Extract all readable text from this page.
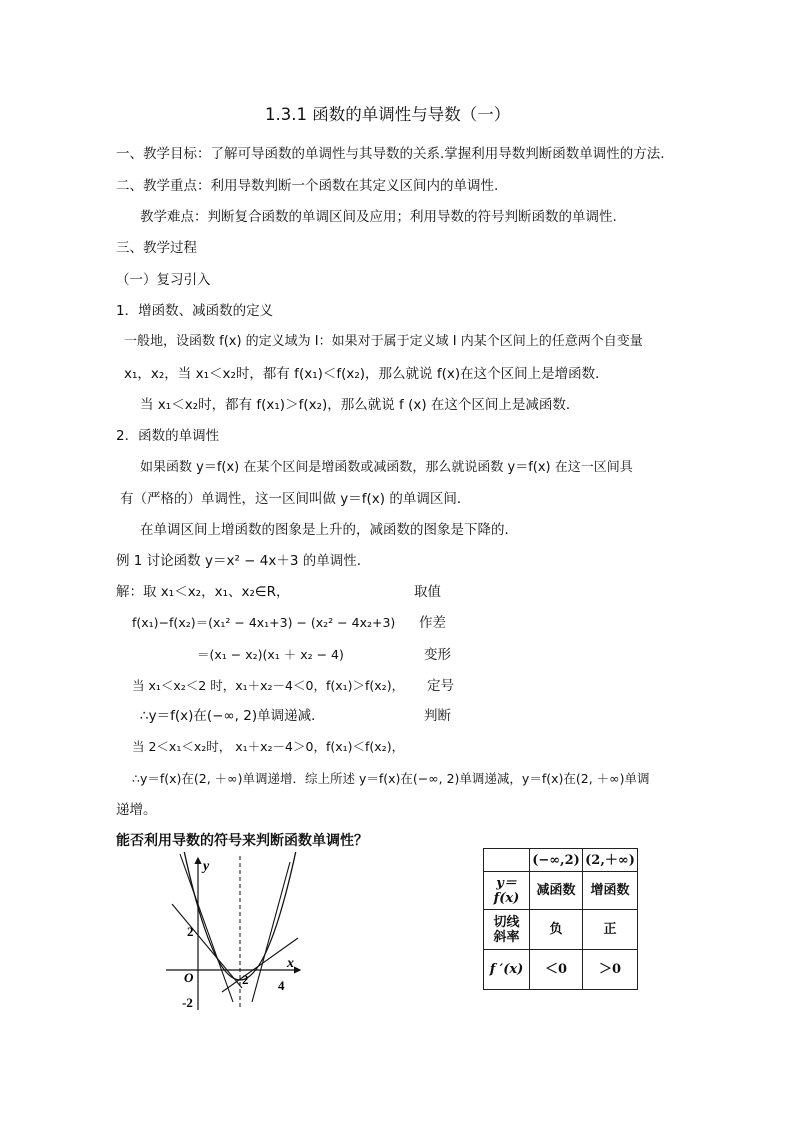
1.3.1 函数的单调性与导数（一）
一、教学目标：了解可导函数的单调性与其导数的关系.掌握利用导数判断函数单调性的方法.
二、教学重点：利用导数判断一个函数在其定义区间内的单调性.
教学难点：判断复合函数的单调区间及应用；利用导数的符号判断函数的单调性.
三、教学过程
（一）复习引入
1．增函数、减函数的定义
一般地，设函数 f(x) 的定义域为 I：如果对于属于定义域 I 内某个区间上的任意两个自变量
x₁，x₂，当 x₁＜x₂时，都有 f(x₁)＜f(x₂)，那么就说 f(x)在这个区间上是增函数．
当 x₁＜x₂时，都有 f(x₁)＞f(x₂)，那么就说 f (x) 在这个区间上是减函数．
2．函数的单调性
如果函数 y＝f(x) 在某个区间是增函数或减函数，那么就说函数 y＝f(x) 在这一区间具
有（严格的）单调性，这一区间叫做 y＝f(x) 的单调区间．
在单调区间上增函数的图象是上升的，减函数的图象是下降的．
例 1 讨论函数 y＝x² − 4x＋3 的单调性．
解：取 x₁＜x₂，x₁、x₂∈R，	取值
f(x₁)−f(x₂)＝(x₁² − 4x₁+3) − (x₂² − 4x₂+3) 作差
＝(x₁ − x₂)(x₁ ＋ x₂ − 4)	变形
当 x₁＜x₂＜2 时，x₁＋x₂－4＜0，f(x₁)＞f(x₂)， 定号
∴y＝f(x)在(−∞, 2)单调递减．	判断
当 2＜x₁＜x₂时， x₁＋x₂－4＞0，f(x₁)＜f(x₂)，
∴y＝f(x)在(2, ＋∞)单调递增．综上所述 y＝f(x)在(−∞, 2)单调递减，y＝f(x)在(2, ＋∞)单调
递增。
能否利用导数的符号来判断函数单调性？
y
x
O	2 4
2
-2
	(−∞,2)	(2,＋∞)
y＝f(x)	减函数	增函数

切线
斜率	负	正
f ′(x)	＜0	＞0
